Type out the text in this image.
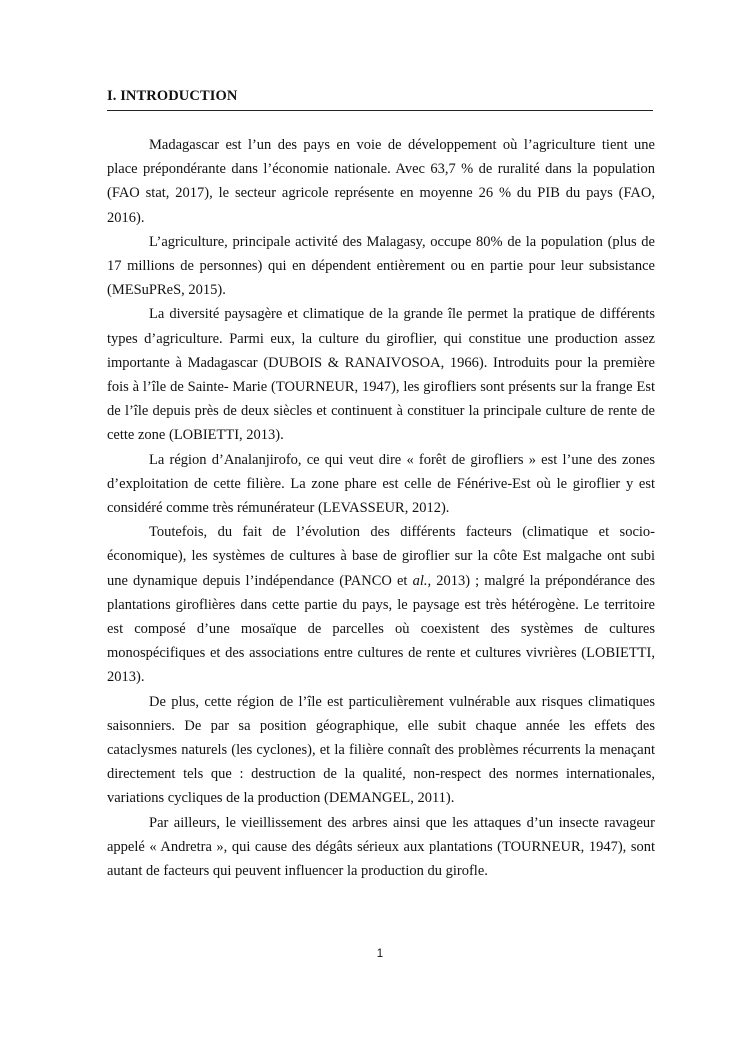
I. INTRODUCTION

Madagascar est l’un des pays en voie de développement où l’agriculture tient une place prépondérante dans l’économie nationale. Avec 63,7 % de ruralité dans la population (FAO stat, 2017), le secteur agricole représente en moyenne 26 % du PIB du pays (FAO, 2016).

L’agriculture, principale activité des Malagasy, occupe 80% de la population (plus de 17 millions de personnes) qui en dépendent entièrement ou en partie pour leur subsistance (MESuPReS, 2015).

La diversité paysagère et climatique de la grande île permet la pratique de différents types d’agriculture. Parmi eux, la culture du giroflier, qui constitue une production assez importante à Madagascar (DUBOIS & RANAIVOSOA, 1966). Introduits pour la première fois à l’île de Sainte- Marie (TOURNEUR, 1947), les girofliers sont présents sur la frange Est de l’île depuis près de deux siècles et continuent à constituer la principale culture de rente de cette zone (LOBIETTI, 2013).

La région d’Analanjirofo, ce qui veut dire « forêt de girofliers » est l’une des zones d’exploitation de cette filière. La zone phare est celle de Fénérive-Est où le giroflier y est considéré comme très rémunérateur (LEVASSEUR, 2012).

Toutefois, du fait de l’évolution des différents facteurs (climatique et socio-économique), les systèmes de cultures à base de giroflier sur la côte Est malgache ont subi une dynamique depuis l’indépendance (PANCO et al., 2013) ; malgré la prépondérance des plantations giroflières dans cette partie du pays, le paysage est très hétérogène. Le territoire est composé d’une mosaïque de parcelles où coexistent des systèmes de cultures monospécifiques et des associations entre cultures de rente et cultures vivrières (LOBIETTI, 2013).

De plus, cette région de l’île est particulièrement vulnérable aux risques climatiques saisonniers. De par sa position géographique, elle subit chaque année les effets des cataclysmes naturels (les cyclones), et la filière connaît des problèmes récurrents la menaçant directement tels que : destruction de la qualité, non-respect des normes internationales, variations cycliques de la production (DEMANGEL, 2011).

Par ailleurs, le vieillissement des arbres ainsi que les attaques d’un insecte ravageur appelé « Andretra », qui cause des dégâts sérieux aux plantations (TOURNEUR, 1947), sont autant de facteurs qui peuvent influencer la production du girofle.

1
